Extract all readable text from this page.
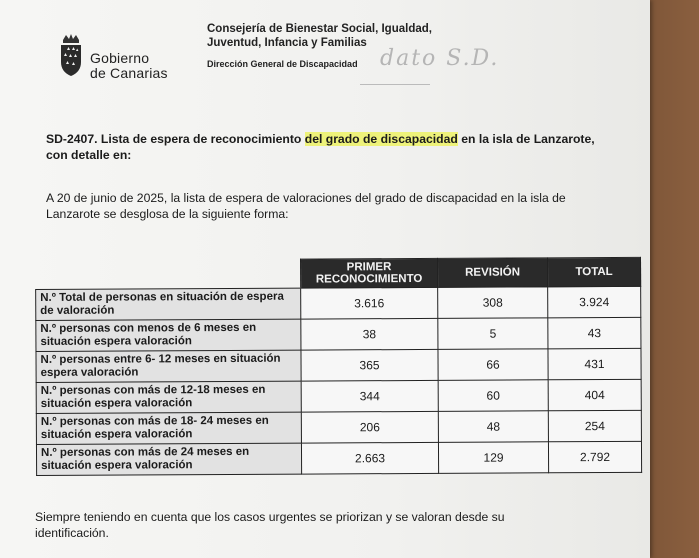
Gobierno
de Canarias
Consejería de Bienestar Social, Igualdad,
Juventud, Infancia y Familias
Dirección General de Discapacidad dato S.D.
SD-2407. Lista de espera de reconocimiento del grado de discapacidad en la isla de Lanzarote,
con detalle en:
A 20 de junio de 2025, la lista de espera de valoraciones del grado de discapacidad en la isla de
Lanzarote se desglosa de la siguiente forma:
	PRIMER RECONOCIMIENTO	REVISIÓN	TOTAL
N.º Total de personas en situación de espera de valoración	3.616	308	3.924
N.º personas con menos de 6 meses en situación espera valoración	38	5	43
N.º personas entre 6- 12 meses en situación espera valoración	365	66	431
N.º personas con más de 12-18 meses en situación espera valoración	344	60	404
N.º personas con más de 18- 24 meses en situación espera valoración	206	48	254
N.º personas con más de 24 meses en situación espera valoración	2.663	129	2.792
Siempre teniendo en cuenta que los casos urgentes se priorizan y se valoran desde su
identificación.
